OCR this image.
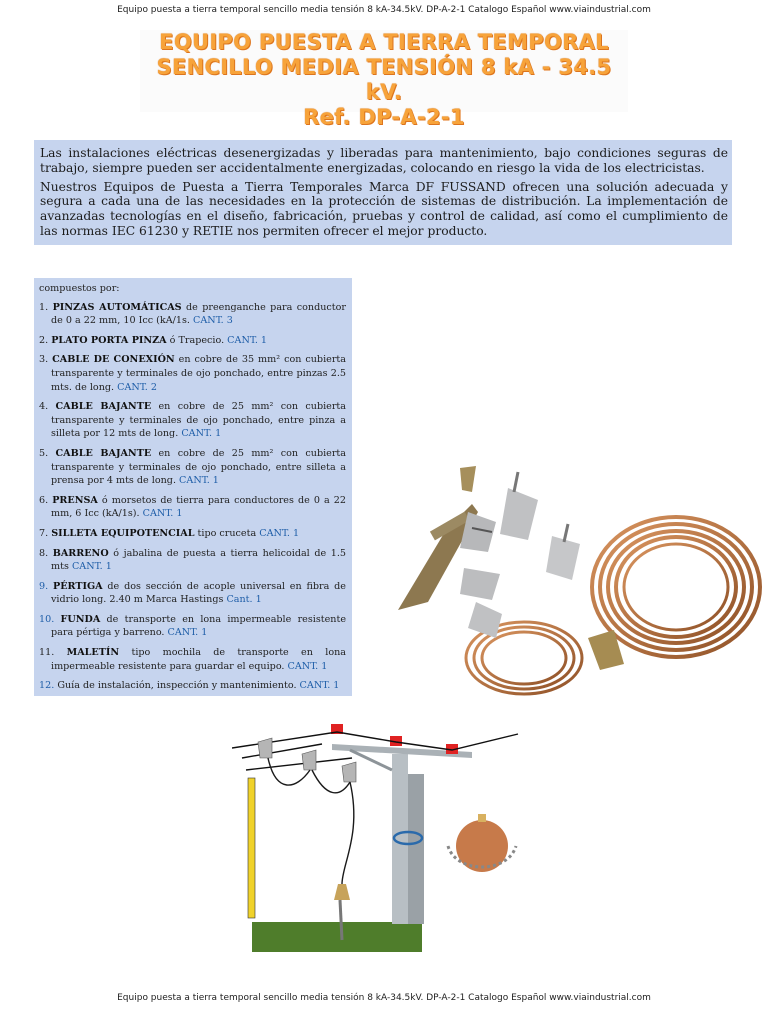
Equipo puesta a tierra temporal sencillo media tensión 8 kA-34.5kV. DP-A-2-1 Catalogo Español www.viaindustrial.com
EQUIPO PUESTA A TIERRA TEMPORAL
SENCILLO MEDIA TENSIÓN 8 kA - 34.5 kV.
Ref. DP-A-2-1

Las instalaciones eléctricas desenergizadas y liberadas para mantenimiento, bajo condiciones seguras de trabajo, siempre pueden ser accidentalmente energizadas, colocando en riesgo la vida de los electricistas.

Nuestros Equipos de Puesta a Tierra Temporales Marca DF FUSSAND ofrecen una solución adecuada y segura a cada una de las necesidades en la protección de sistemas de distribución. La implementación de avanzadas tecnologías en el diseño, fabricación, pruebas y control de calidad, así como el cumplimiento de las normas IEC 61230 y RETIE nos permiten ofrecer el mejor producto.

compuestos por:
1. PINZAS AUTOMÁTICAS de preenganche para conductor de 0 a 22 mm, 10 Icc (kA/1s. CANT. 3
2. PLATO PORTA PINZA ó Trapecio. CANT. 1
3. CABLE DE CONEXIÓN en cobre de 35 mm² con cubierta transparente y terminales de ojo ponchado, entre pinzas 2.5 mts. de long. CANT. 2
4. CABLE BAJANTE en cobre de 25 mm² con cubierta transparente y terminales de ojo ponchado, entre pinza a silleta por 12 mts de long. CANT. 1
5. CABLE BAJANTE en cobre de 25 mm² con cubierta transparente y terminales de ojo ponchado, entre silleta a prensa por 4 mts de long. CANT. 1
6. PRENSA ó morsetos de tierra para conductores de 0 a 22 mm, 6 Icc (kA/1s). CANT. 1
7. SILLETA EQUIPOTENCIAL tipo cruceta CANT. 1
8. BARRENO ó jabalina de puesta a tierra helicoidal de 1.5 mts CANT. 1
9. PÉRTIGA de dos sección de acople universal en fibra de vidrio long. 2.40 m Marca Hastings Cant. 1
10. FUNDA de transporte en lona impermeable resistente para pértiga y barreno. CANT. 1
11. MALETÍN tipo mochila de transporte en lona impermeable resistente para guardar el equipo. CANT. 1
12. Guía de instalación, inspección y mantenimiento. CANT. 1
Equipo puesta a tierra temporal sencillo media tensión 8 kA-34.5kV. DP-A-2-1 Catalogo Español www.viaindustrial.com
